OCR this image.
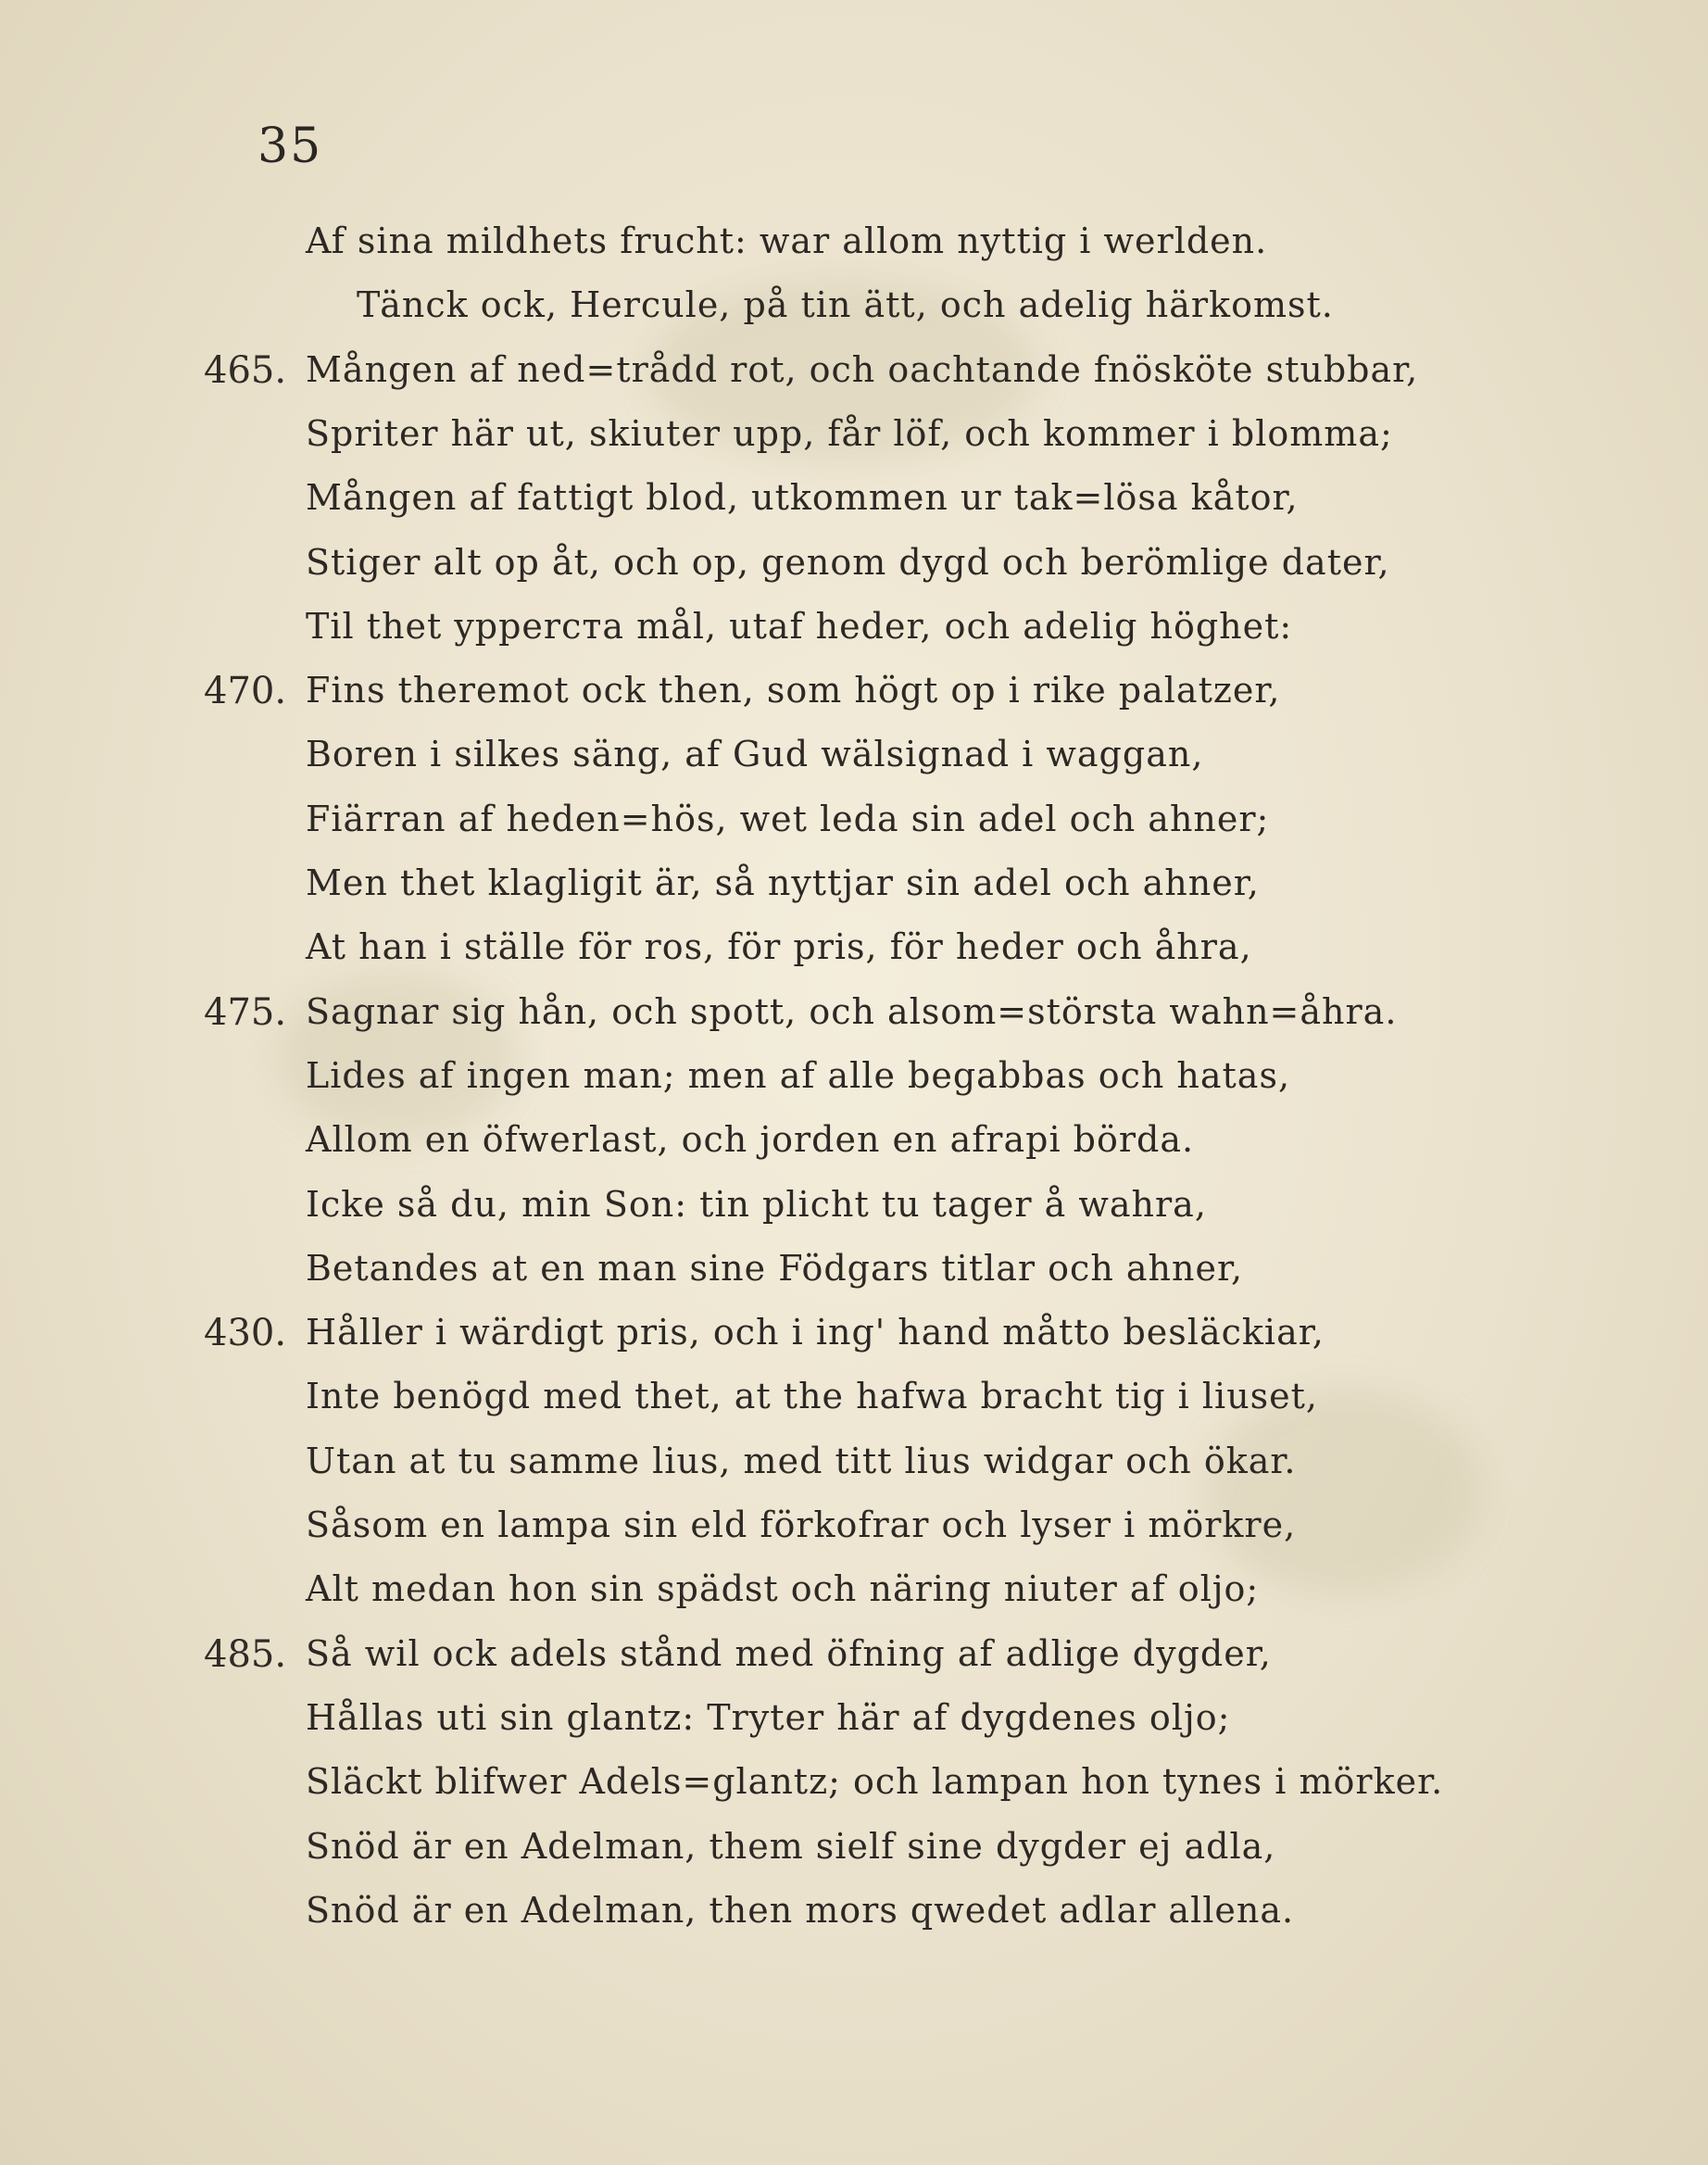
35
Af sina mildhets frucht: war allom nyttig i werlden.
Tänck ock, Hercule, på tin ätt, och adelig härkomst.
465. Mången af ned=trådd rot, och oachtande fnösköte stubbar,
Spriter här ut, skiuter upp, får löf, och kommer i blomma;
Mången af fattigt blod, utkommen ur tak=lösa kåtor,
Stiger alt op åt, och op, genom dygd och berömlige dater,
Til thet ypperста mål, utaf heder, och adelig höghet:
470. Fins theremot ock then, som högt op i rike palatzer,
Boren i silkes säng, af Gud wälsignad i waggan,
Fiärran af heden=hös, wet leda sin adel och ahner;
Men thet klagligit är, så nyttjar sin adel och ahner,
At han i ställe för ros, för pris, för heder och åhra,
475. Sagnar sig hån, och spott, och alsom=största wahn=åhra.
Lides af ingen man; men af alle begabbas och hatas,
Allom en öfwerlast, och jorden en afrapi börda.
Icke så du, min Son: tin plicht tu tager å wahra,
Betandes at en man sine Födgars titlar och ahner,
430. Håller i wärdigt pris, och i ing' hand måtto besläckiar,
Inte benögd med thet, at the hafwa bracht tig i liuset,
Utan at tu samme lius, med titt lius widgar och ökar.
Såsom en lampa sin eld förkofrar och lyser i mörkre,
Alt medan hon sin spädst och näring niuter af oljo;
485. Så wil ock adels stånd med öfning af adlige dygder,
Hållas uti sin glantz: Tryter här af dygdenes oljo;
Släckt blifwer Adels=glantz; och lampan hon tynes i mörker.
Snöd är en Adelman, them sielf sine dygder ej adla,
Snöd är en Adelman, then mors qwedet adlar allena.
